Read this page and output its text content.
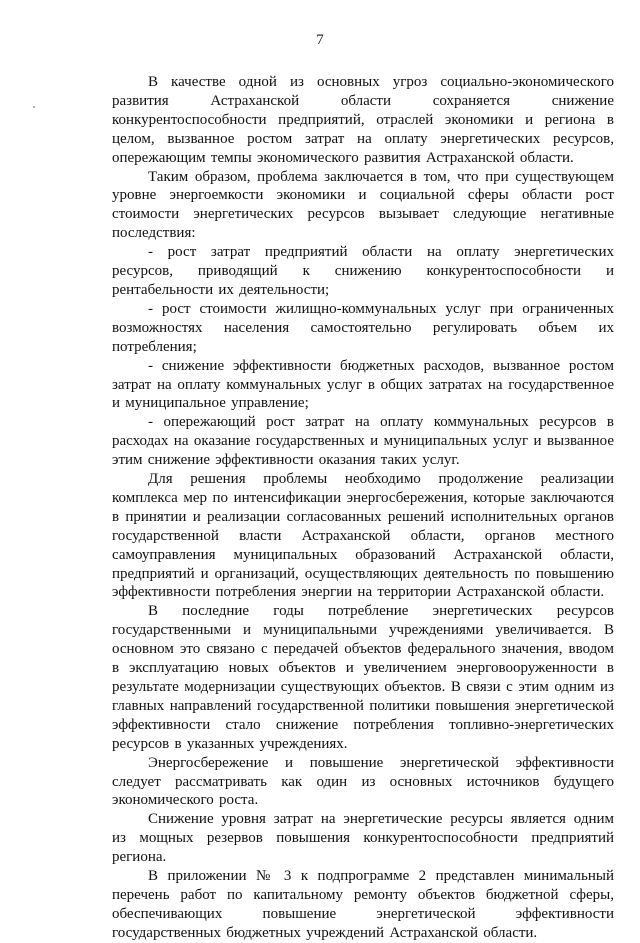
7

В качестве одной из основных угроз социально-экономического развития Астраханской области сохраняется снижение конкурентоспособности предприятий, отраслей экономики и региона в целом, вызванное ростом затрат на оплату энергетических ресурсов, опережающим темпы экономического развития Астраханской области.

Таким образом, проблема заключается в том, что при существующем уровне энергоемкости экономики и социальной сферы области рост стоимости энергетических ресурсов вызывает следующие негативные последствия:

- рост затрат предприятий области на оплату энергетических ресурсов, приводящий к снижению конкурентоспособности и рентабельности их деятельности;

- рост стоимости жилищно-коммунальных услуг при ограниченных возможностях населения самостоятельно регулировать объем их потребления;

- снижение эффективности бюджетных расходов, вызванное ростом затрат на оплату коммунальных услуг в общих затратах на государственное и муниципальное управление;

- опережающий рост затрат на оплату коммунальных ресурсов в расходах на оказание государственных и муниципальных услуг и вызванное этим снижение эффективности оказания таких услуг.

Для решения проблемы необходимо продолжение реализации комплекса мер по интенсификации энергосбережения, которые заключаются в принятии и реализации согласованных решений исполнительных органов государственной власти Астраханской области, органов местного самоуправления муниципальных образований Астраханской области, предприятий и организаций, осуществляющих деятельность по повышению эффективности потребления энергии на территории Астраханской области.

В последние годы потребление энергетических ресурсов государственными и муниципальными учреждениями увеличивается. В основном это связано с передачей объектов федерального значения, вводом в эксплуатацию новых объектов и увеличением энерговооруженности в результате модернизации существующих объектов. В связи с этим одним из главных направлений государственной политики повышения энергетической эффективности стало снижение потребления топливно-энергетических ресурсов в указанных учреждениях.

Энергосбережение и повышение энергетической эффективности следует рассматривать как один из основных источников будущего экономического роста.

Снижение уровня затрат на энергетические ресурсы является одним из мощных резервов повышения конкурентоспособности предприятий региона.

В приложении № 3 к подпрограмме 2 представлен минимальный перечень работ по капитальному ремонту объектов бюджетной сферы, обеспечивающих повышение энергетической эффективности государственных бюджетных учреждений Астраханской области.
